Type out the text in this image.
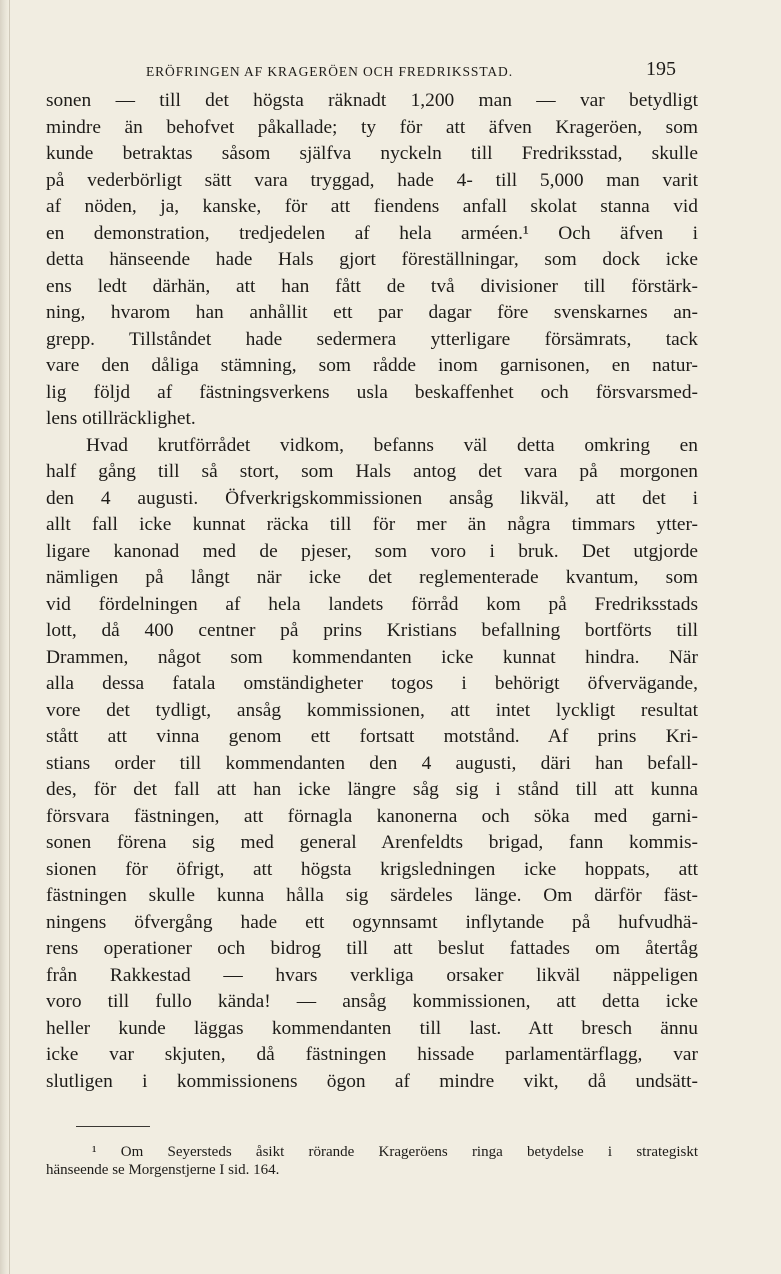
ERÖFRINGEN AF KRAGERÖEN OCH FREDRIKSSTAD.	195
sonen — till det högsta räknadt 1,200 man — var betydligt
mindre än behofvet påkallade; ty för att äfven Krageröen, som
kunde betraktas såsom själfva nyckeln till Fredriksstad, skulle
på vederbörligt sätt vara tryggad, hade 4- till 5,000 man varit
af nöden, ja, kanske, för att fiendens anfall skolat stanna vid
en demonstration, tredjedelen af hela arméen.¹ Och äfven i
detta hänseende hade Hals gjort föreställningar, som dock icke
ens ledt därhän, att han fått de två divisioner till förstärk-
ning, hvarom han anhållit ett par dagar före svenskarnes an-
grepp. Tillståndet hade sedermera ytterligare försämrats, tack
vare den dåliga stämning, som rådde inom garnisonen, en natur-
lig följd af fästningsverkens usla beskaffenhet och försvarsmed-
lens otillräcklighet.
Hvad krutförrådet vidkom, befanns väl detta omkring en
half gång till så stort, som Hals antog det vara på morgonen
den 4 augusti. Öfverkrigskommissionen ansåg likväl, att det i
allt fall icke kunnat räcka till för mer än några timmars ytter-
ligare kanonad med de pjeser, som voro i bruk. Det utgjorde
nämligen på långt när icke det reglementerade kvantum, som
vid fördelningen af hela landets förråd kom på Fredriksstads
lott, då 400 centner på prins Kristians befallning bortförts till
Drammen, något som kommendanten icke kunnat hindra. När
alla dessa fatala omständigheter togos i behörigt öfvervägande,
vore det tydligt, ansåg kommissionen, att intet lyckligt resultat
stått att vinna genom ett fortsatt motstånd. Af prins Kri-
stians order till kommendanten den 4 augusti, däri han befall-
des, för det fall att han icke längre såg sig i stånd till att kunna
försvara fästningen, att förnagla kanonerna och söka med garni-
sonen förena sig med general Arenfeldts brigad, fann kommis-
sionen för öfrigt, att högsta krigsledningen icke hoppats, att
fästningen skulle kunna hålla sig särdeles länge. Om därför fäst-
ningens öfvergång hade ett ogynnsamt inflytande på hufvudhä-
rens operationer och bidrog till att beslut fattades om återtåg
från Rakkestad — hvars verkliga orsaker likväl näppeligen
voro till fullo kända! — ansåg kommissionen, att detta icke
heller kunde läggas kommendanten till last. Att bresch ännu
icke var skjuten, då fästningen hissade parlamentärflagg, var
slutligen i kommissionens ögon af mindre vikt, då undsätt-
¹ Om Seyersteds åsikt rörande Krageröens ringa betydelse i strategiskt
hänseende se Morgenstjerne I sid. 164.
